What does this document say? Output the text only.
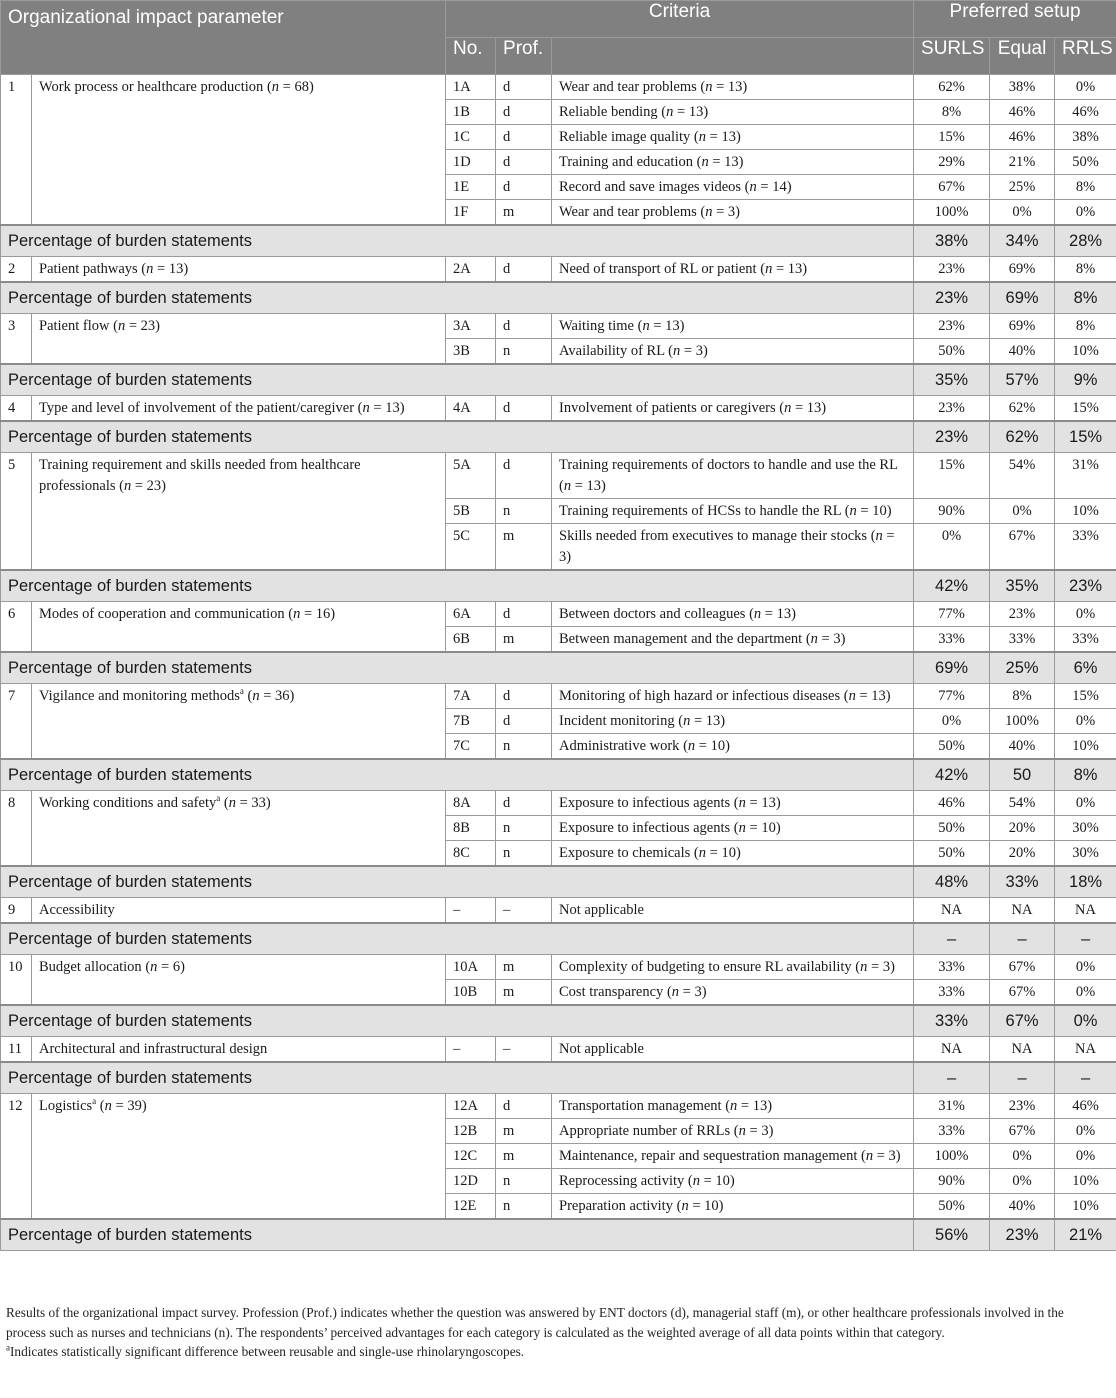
Organizational impact parameter		Criteria			Preferred setup		
		No.	Prof.		SURLS	Equal	RRLS
1	Work process or healthcare production (n = 68)	1A	d	Wear and tear problems (n = 13)	62%	38%	0%
		1B	d	Reliable bending (n = 13)	8%	46%	46%
		1C	d	Reliable image quality (n = 13)	15%	46%	38%
		1D	d	Training and education (n = 13)	29%	21%	50%
		1E	d	Record and save images videos (n = 14)	67%	25%	8%
		1F	m	Wear and tear problems (n = 3)	100%	0%	0%
Percentage of burden statements					38%	34%	28%
2	Patient pathways (n = 13)	2A	d	Need of transport of RL or patient (n = 13)	23%	69%	8%
Percentage of burden statements					23%	69%	8%
3	Patient flow (n = 23)	3A	d	Waiting time (n = 13)	23%	69%	8%
		3B	n	Availability of RL (n = 3)	50%	40%	10%
Percentage of burden statements					35%	57%	9%
4	Type and level of involvement of the patient/caregiver (n = 13)	4A	d	Involvement of patients or caregivers (n = 13)	23%	62%	15%
Percentage of burden statements					23%	62%	15%
5	Training requirement and skills needed from healthcare professionals (n = 23)	5A	d	Training requirements of doctors to handle and use the RL (n = 13)	15%	54%	31%
		5B	n	Training requirements of HCSs to handle the RL (n = 10)	90%	0%	10%
		5C	m	Skills needed from executives to manage their stocks (n = 3)	0%	67%	33%
Percentage of burden statements					42%	35%	23%
6	Modes of cooperation and communication (n = 16)	6A	d	Between doctors and colleagues (n = 13)	77%	23%	0%
		6B	m	Between management and the department (n = 3)	33%	33%	33%
Percentage of burden statements					69%	25%	6%
7	Vigilance and monitoring methods$^a$ (n = 36)	7A	d	Monitoring of high hazard or infectious diseases (n = 13)	77%	8%	15%
		7B	d	Incident monitoring (n = 13)	0%	100%	0%
		7C	n	Administrative work (n = 10)	50%	40%	10%
Percentage of burden statements					42%	50	8%
8	Working conditions and safety$^a$ (n = 33)	8A	d	Exposure to infectious agents (n = 13)	46%	54%	0%
		8B	n	Exposure to infectious agents (n = 10)	50%	20%	30%
		8C	n	Exposure to chemicals (n = 10)	50%	20%	30%
Percentage of burden statements					48%	33%	18%
9	Accessibility	–	–	Not applicable	NA	NA	NA
Percentage of burden statements					–	–	–
10	Budget allocation (n = 6)	10A	m	Complexity of budgeting to ensure RL availability (n = 3)	33%	67%	0%
		10B	m	Cost transparency (n = 3)	33%	67%	0%
Percentage of burden statements					33%	67%	0%
11	Architectural and infrastructural design	–	–	Not applicable	NA	NA	NA
Percentage of burden statements					–	–	–
12	Logistics$^a$ (n = 39)	12A	d	Transportation management (n = 13)	31%	23%	46%
		12B	m	Appropriate number of RRLs (n = 3)	33%	67%	0%
		12C	m	Maintenance, repair and sequestration management (n = 3)	100%	0%	0%
		12D	n	Reprocessing activity (n = 10)	90%	0%	10%
		12E	n	Preparation activity (n = 10)	50%	40%	10%
Percentage of burden statements					56%	23%	21%

Results of the organizational impact survey. Profession (Prof.) indicates whether the question was answered by ENT doctors (d), managerial staff (m), or other healthcare professionals involved in the process such as nurses and technicians (n). The respondents’ perceived advantages for each category is calculated as the weighted average of all data points within that category.

$^a$Indicates statistically significant difference between reusable and single-use rhinolaryngoscopes.
